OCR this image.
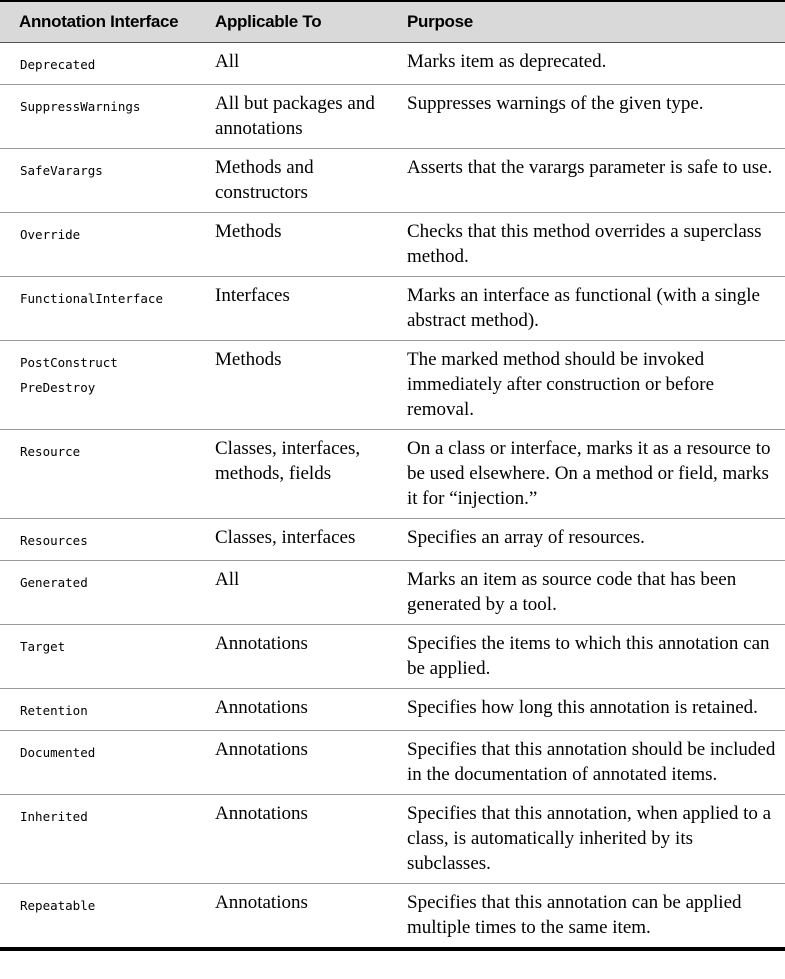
Annotation Interface	Applicable To	Purpose

Deprecated	All	Marks item as deprecated.

SuppressWarnings	All but packages and annotations	Suppresses warnings of the given type.

SafeVarargs	Methods and constructors	Asserts that the varargs parameter is safe to use.

Override	Methods	Checks that this method overrides a superclass method.

FunctionalInterface	Interfaces	Marks an interface as functional (with a single abstract method).

PostConstruct
PreDestroy	Methods	The marked method should be invoked immediately after construction or before removal.

Resource	Classes, interfaces, methods, fields	On a class or interface, marks it as a resource to be used elsewhere. On a method or field, marks it for “injection.”

Resources	Classes, interfaces	Specifies an array of resources.

Generated	All	Marks an item as source code that has been generated by a tool.

Target	Annotations	Specifies the items to which this annotation can be applied.

Retention	Annotations	Specifies how long this annotation is retained.

Documented	Annotations	Specifies that this annotation should be included in the documentation of annotated items.

Inherited	Annotations	Specifies that this annotation, when applied to a class, is automatically inherited by its subclasses.

Repeatable	Annotations	Specifies that this annotation can be applied multiple times to the same item.
